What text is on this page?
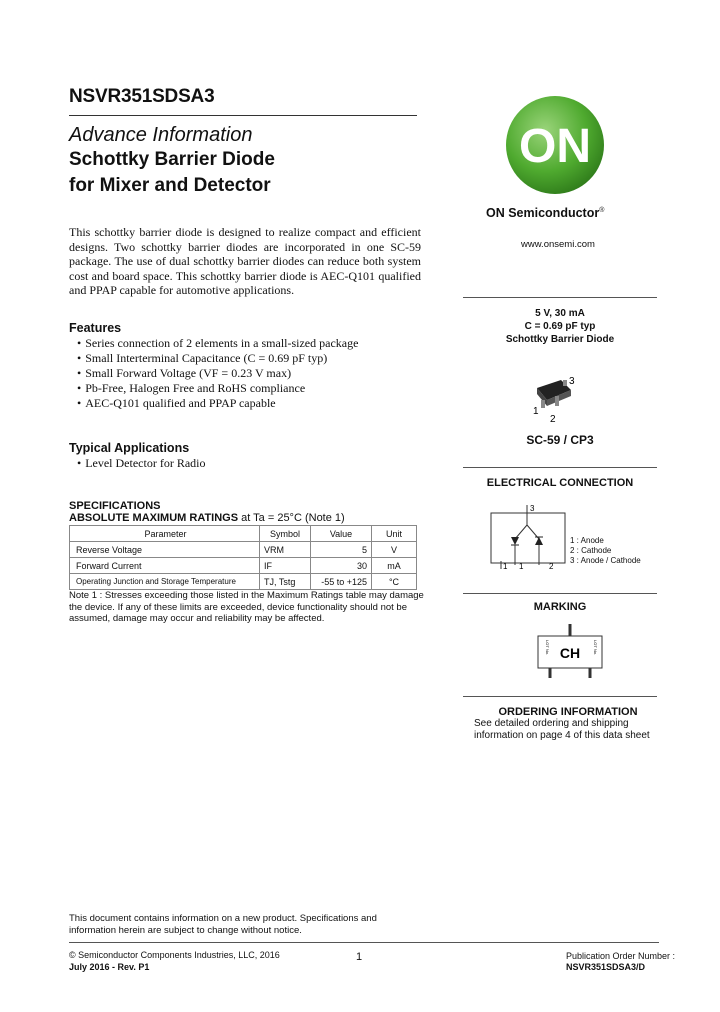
NSVR351SDSA3
Advance Information
Schottky Barrier Diode
for Mixer and Detector
This schottky barrier diode is designed to realize compact and efficient designs. Two schottky barrier diodes are incorporated in one SC-59 package. The use of dual schottky barrier diodes can reduce both system cost and board space. This schottky barrier diode is AEC-Q101 qualified and PPAP capable for automotive applications.
Features
• Series connection of 2 elements in a small-sized package
• Small Interterminal Capacitance (C = 0.69 pF typ)
• Small Forward Voltage (VF = 0.23 V max)
• Pb-Free, Halogen Free and RoHS compliance
• AEC-Q101 qualified and PPAP capable
Typical Applications
• Level Detector for Radio
SPECIFICATIONS
ABSOLUTE MAXIMUM RATINGS at Ta = 25°C (Note 1)
Parameter	Symbol	Value	Unit
Reverse Voltage	VRM	5	V
Forward Current	IF	30	mA
Operating Junction and Storage Temperature	TJ, Tstg	-55 to +125	°C
Note 1 : Stresses exceeding those listed in the Maximum Ratings table may damage the device. If any of these limits are exceeded, device functionality should not be assumed, damage may occur and reliability may be affected.
ON
ON Semiconductor®
www.onsemi.com
5 V, 30 mA
C = 0.69 pF typ
Schottky Barrier Diode
3
1
2
SC-59 / CP3
ELECTRICAL CONNECTION
3
1 1	2
1 : Anode
2 : Cathode
3 : Anode / Cathode
MARKING
CH
LOT No.	LOT No.
ORDERING INFORMATION
See detailed ordering and shipping information on page 4 of this data sheet
This document contains information on a new product. Specifications and information herein are subject to change without notice.
© Semiconductor Components Industries, LLC, 2016
July 2016 - Rev. P1
1	Publication Order Number :
NSVR351SDSA3/D
